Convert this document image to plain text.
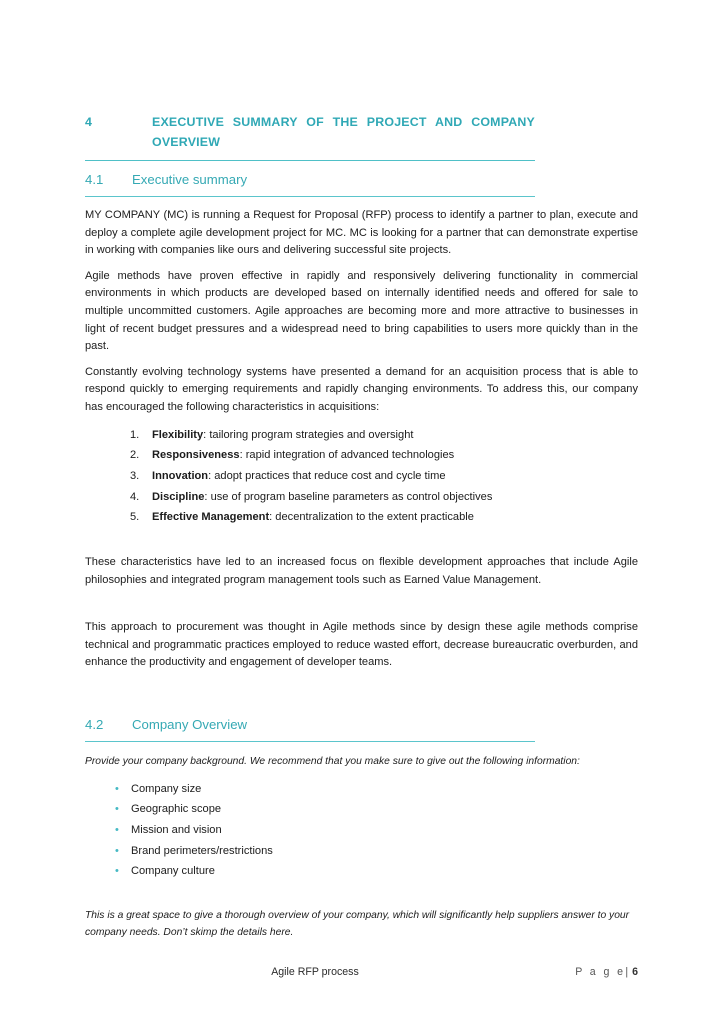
4	EXECUTIVE SUMMARY OF THE PROJECT AND COMPANY OVERVIEW
4.1	Executive summary

MY COMPANY (MC) is running a Request for Proposal (RFP) process to identify a partner to plan, execute and deploy a complete agile development project for MC. MC is looking for a partner that can demonstrate expertise in working with companies like ours and delivering successful site projects.

Agile methods have proven effective in rapidly and responsively delivering functionality in commercial environments in which products are developed based on internally identified needs and offered for sale to multiple uncommitted customers. Agile approaches are becoming more and more attractive to businesses in light of recent budget pressures and a widespread need to bring capabilities to users more quickly than in the past.

Constantly evolving technology systems have presented a demand for an acquisition process that is able to respond quickly to emerging requirements and rapidly changing environments. To address this, our company has encouraged the following characteristics in acquisitions:

1.	Flexibility: tailoring program strategies and oversight
2.	Responsiveness: rapid integration of advanced technologies
3.	Innovation: adopt practices that reduce cost and cycle time
4.	Discipline: use of program baseline parameters as control objectives
5.	Effective Management: decentralization to the extent practicable

These characteristics have led to an increased focus on flexible development approaches that include Agile philosophies and integrated program management tools such as Earned Value Management.

This approach to procurement was thought in Agile methods since by design these agile methods comprise technical and programmatic practices employed to reduce wasted effort, decrease bureaucratic overburden, and enhance the productivity and engagement of developer teams.

4.2	Company Overview

Provide your company background. We recommend that you make sure to give out the following information:

•	Company size
•	Geographic scope
•	Mission and vision
•	Brand perimeters/restrictions
•	Company culture

This is a great space to give a thorough overview of your company, which will significantly help suppliers answer to your company needs. Don’t skimp the details here.

Agile RFP process	P a g e| 6
